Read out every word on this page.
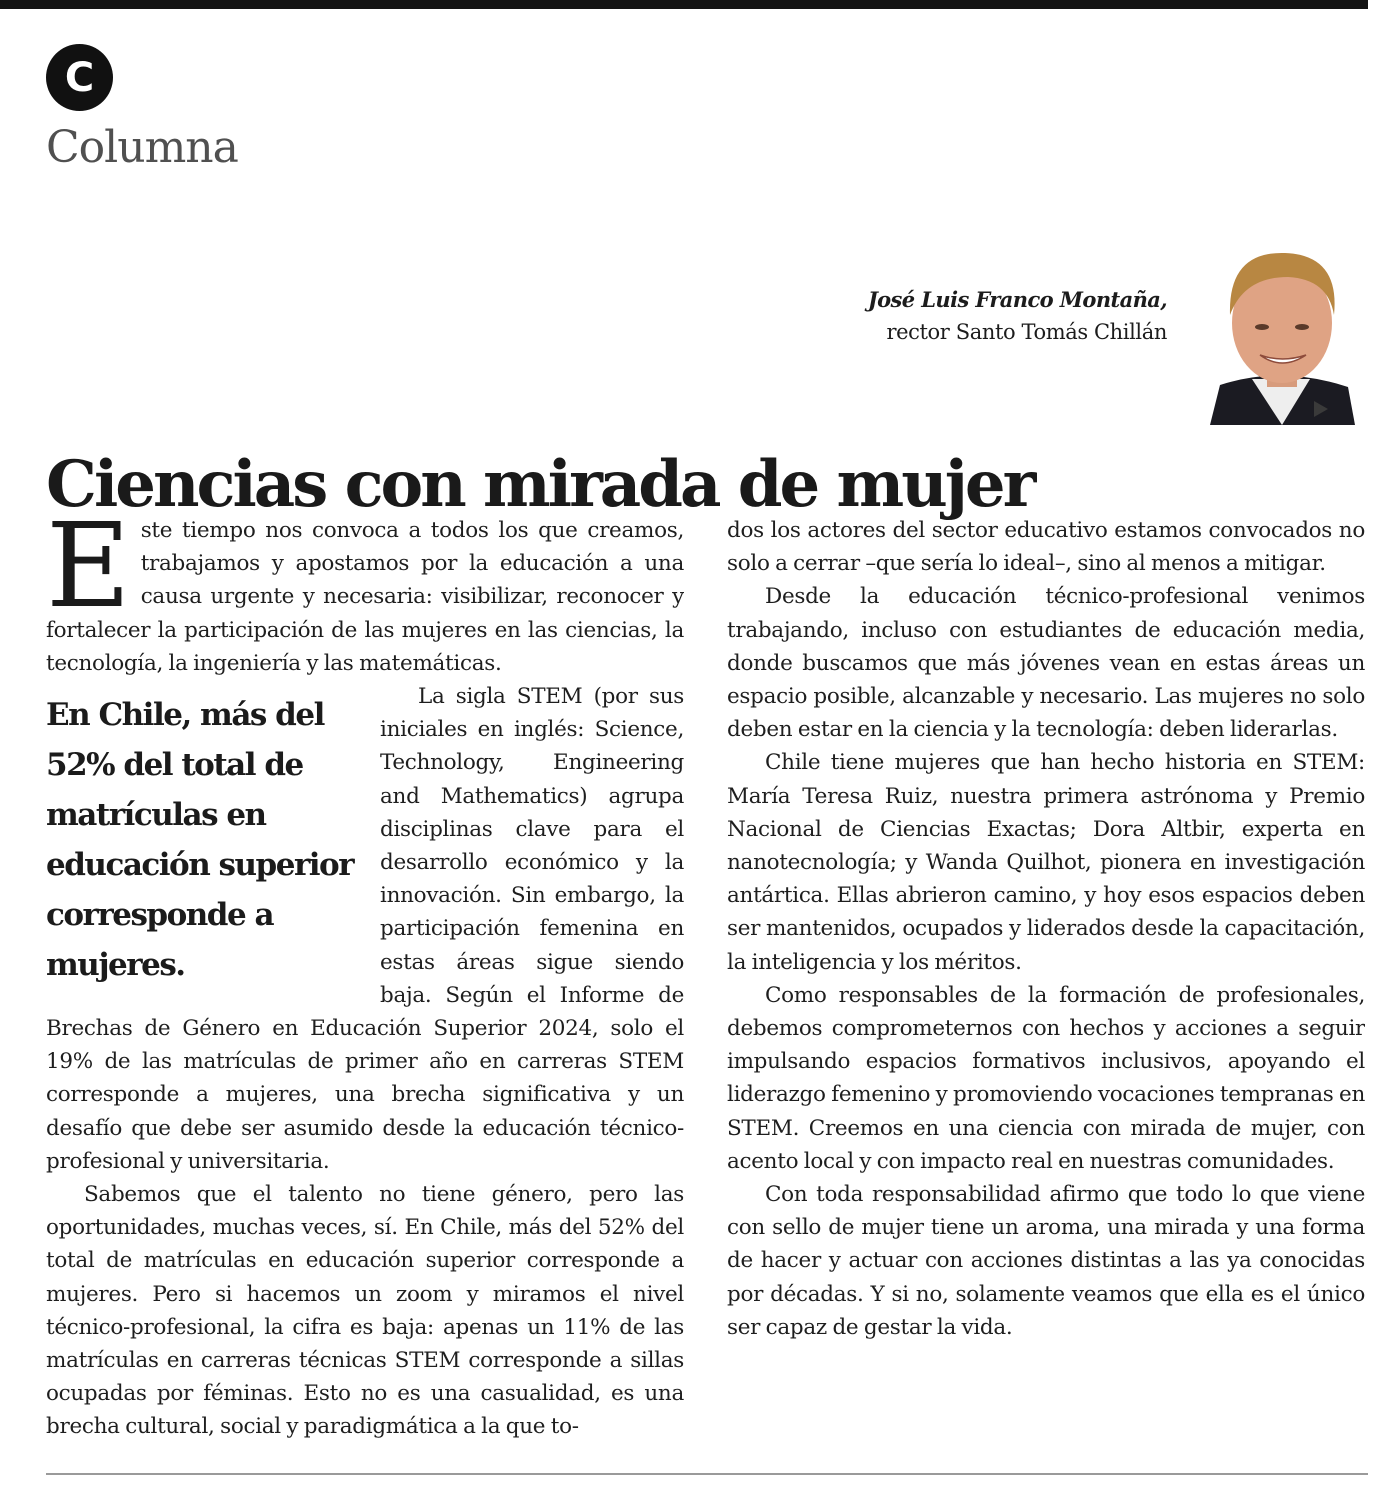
C
Columna
José Luis Franco Montaña,
rector Santo Tomás Chillán
Ciencias con mirada de mujer
E ste tiempo nos convoca a todos los que creamos, trabajamos y apostamos por la educación a una causa urgente y necesaria: visibilizar, reconocer y fortalecer la participación de las mujeres en las ciencias, la tecnología, la ingeniería y las matemáticas.

En Chile, más del 52% del total de matrículas en educación superior corresponde a mujeres.

La sigla STEM (por sus iniciales en inglés: Science, Technology, Engineering and Mathematics) agrupa disciplinas clave para el desarrollo económico y la innovación. Sin embargo, la participación femenina en estas áreas sigue siendo baja. Según el Informe de Brechas de Género en Educación Superior 2024, solo el 19% de las matrículas de primer año en carreras STEM corresponde a mujeres, una brecha significativa y un desafío que debe ser asumido desde la educación técnico-profesional y universitaria.

Sabemos que el talento no tiene género, pero las oportunidades, muchas veces, sí. En Chile, más del 52% del total de matrículas en educación superior corresponde a mujeres. Pero si hacemos un zoom y miramos el nivel técnico-profesional, la cifra es baja: apenas un 11% de las matrículas en carreras técnicas STEM corresponde a sillas ocupadas por féminas. Esto no es una casualidad, es una brecha cultural, social y paradigmática a la que to-

dos los actores del sector educativo estamos convocados no solo a cerrar –que sería lo ideal–, sino al menos a mitigar.

Desde la educación técnico-profesional venimos trabajando, incluso con estudiantes de educación media, donde buscamos que más jóvenes vean en estas áreas un espacio posible, alcanzable y necesario. Las mujeres no solo deben estar en la ciencia y la tecnología: deben liderarlas.

Chile tiene mujeres que han hecho historia en STEM: María Teresa Ruiz, nuestra primera astrónoma y Premio Nacional de Ciencias Exactas; Dora Altbir, experta en nanotecnología; y Wanda Quilhot, pionera en investigación antártica. Ellas abrieron camino, y hoy esos espacios deben ser mantenidos, ocupados y liderados desde la capacitación, la inteligencia y los méritos.

Como responsables de la formación de profesionales, debemos comprometernos con hechos y acciones a seguir impulsando espacios formativos inclusivos, apoyando el liderazgo femenino y promoviendo vocaciones tempranas en STEM. Creemos en una ciencia con mirada de mujer, con acento local y con impacto real en nuestras comunidades.

Con toda responsabilidad afirmo que todo lo que viene con sello de mujer tiene un aroma, una mirada y una forma de hacer y actuar con acciones distintas a las ya conocidas por décadas. Y si no, solamente veamos que ella es el único ser capaz de gestar la vida.
